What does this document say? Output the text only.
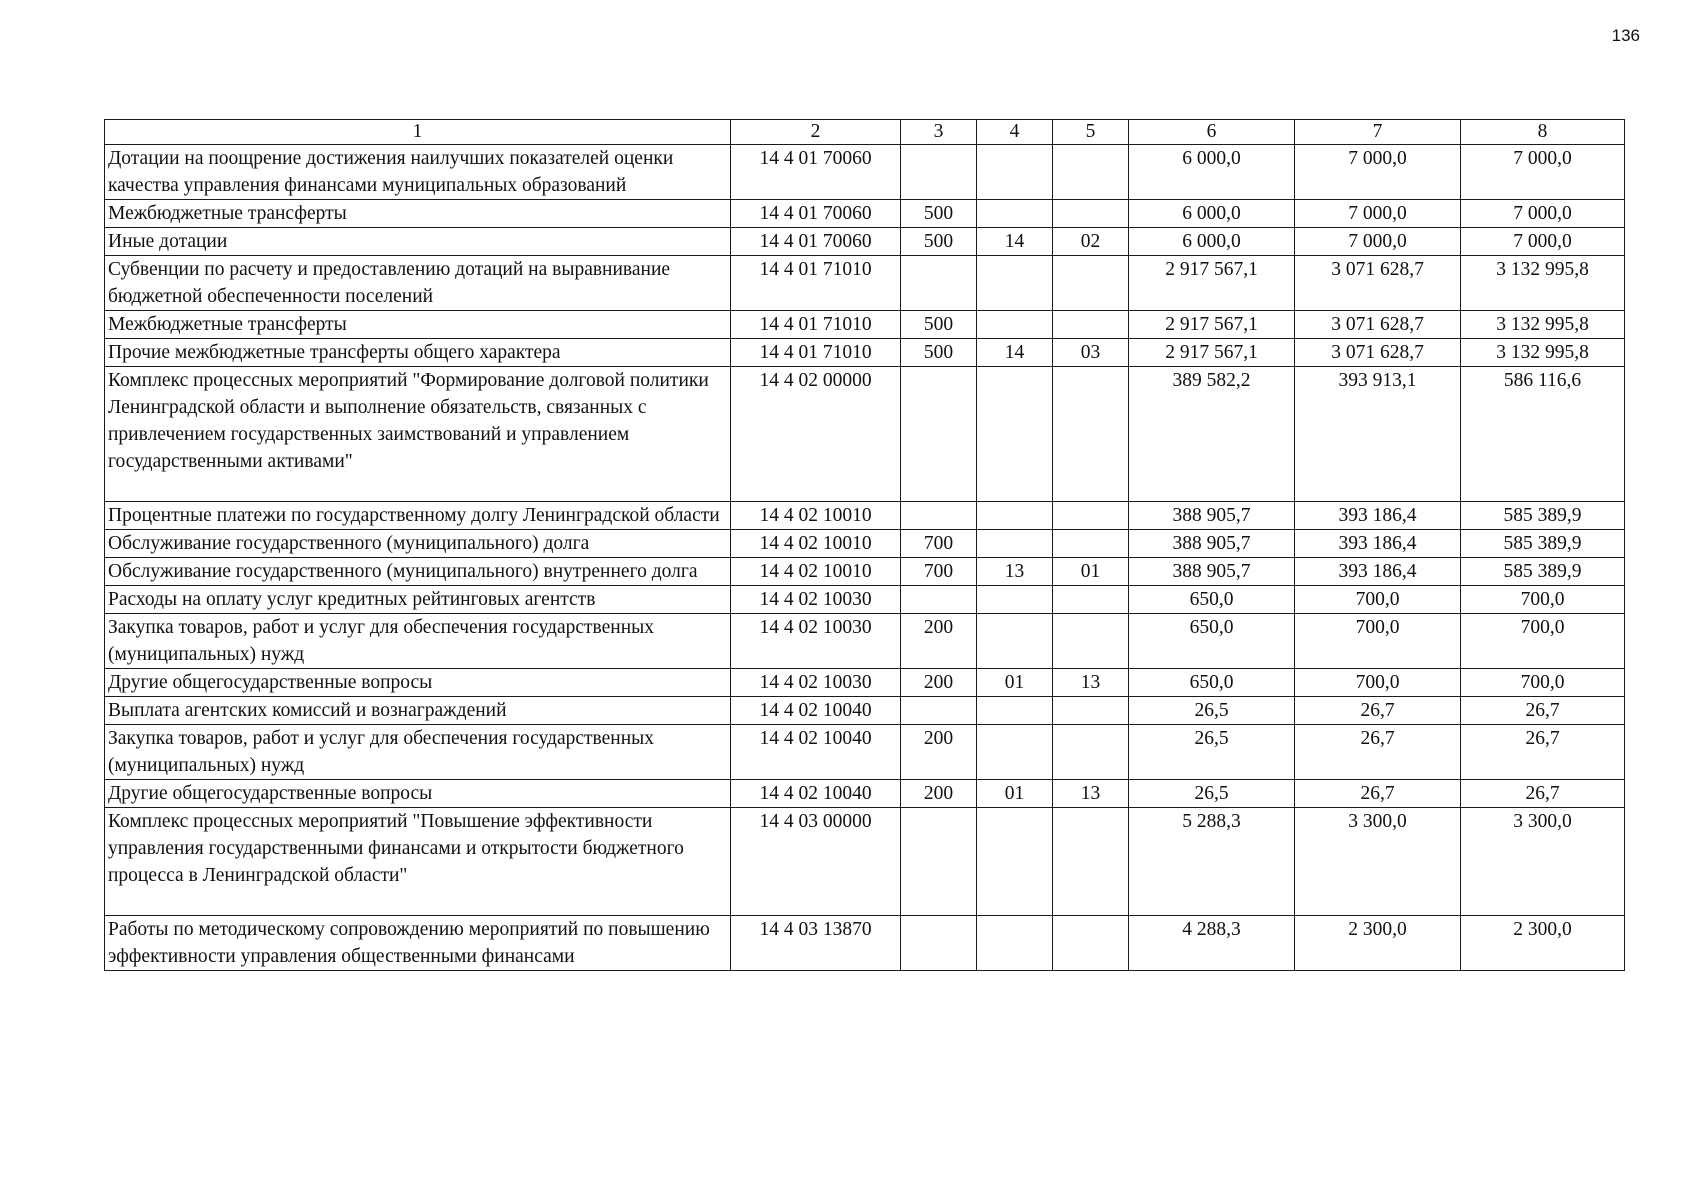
136
1	2	3	4	5	6	7	8
Дотации на поощрение достижения наилучших показателей оценки качества управления финансами муниципальных образований	14 4 01 70060				6 000,0	7 000,0	7 000,0
Межбюджетные трансферты	14 4 01 70060	500			6 000,0	7 000,0	7 000,0
Иные дотации	14 4 01 70060	500	14	02	6 000,0	7 000,0	7 000,0
Субвенции по расчету и предоставлению дотаций на выравнивание бюджетной обеспеченности поселений	14 4 01 71010				2 917 567,1	3 071 628,7	3 132 995,8
Межбюджетные трансферты	14 4 01 71010	500			2 917 567,1	3 071 628,7	3 132 995,8
Прочие межбюджетные трансферты общего характера	14 4 01 71010	500	14	03	2 917 567,1	3 071 628,7	3 132 995,8
Комплекс процессных мероприятий "Формирование долговой политики Ленинградской области и выполнение обязательств, связанных с привлечением государственных заимствований и управлением государственными активами"	14 4 02 00000				389 582,2	393 913,1	586 116,6
Процентные платежи по государственному долгу Ленинградской области	14 4 02 10010				388 905,7	393 186,4	585 389,9
Обслуживание государственного (муниципального) долга	14 4 02 10010	700			388 905,7	393 186,4	585 389,9
Обслуживание государственного (муниципального) внутреннего долга	14 4 02 10010	700	13	01	388 905,7	393 186,4	585 389,9
Расходы на оплату услуг кредитных рейтинговых агентств	14 4 02 10030				650,0	700,0	700,0
Закупка товаров, работ и услуг для обеспечения государственных (муниципальных) нужд	14 4 02 10030	200			650,0	700,0	700,0
Другие общегосударственные вопросы	14 4 02 10030	200	01	13	650,0	700,0	700,0
Выплата агентских комиссий и вознаграждений	14 4 02 10040				26,5	26,7	26,7
Закупка товаров, работ и услуг для обеспечения государственных (муниципальных) нужд	14 4 02 10040	200			26,5	26,7	26,7
Другие общегосударственные вопросы	14 4 02 10040	200	01	13	26,5	26,7	26,7
Комплекс процессных мероприятий "Повышение эффективности управления государственными финансами и открытости бюджетного процесса в Ленинградской области"	14 4 03 00000				5 288,3	3 300,0	3 300,0
Работы по методическому сопровождению мероприятий по повышению эффективности управления общественными финансами	14 4 03 13870				4 288,3	2 300,0	2 300,0
